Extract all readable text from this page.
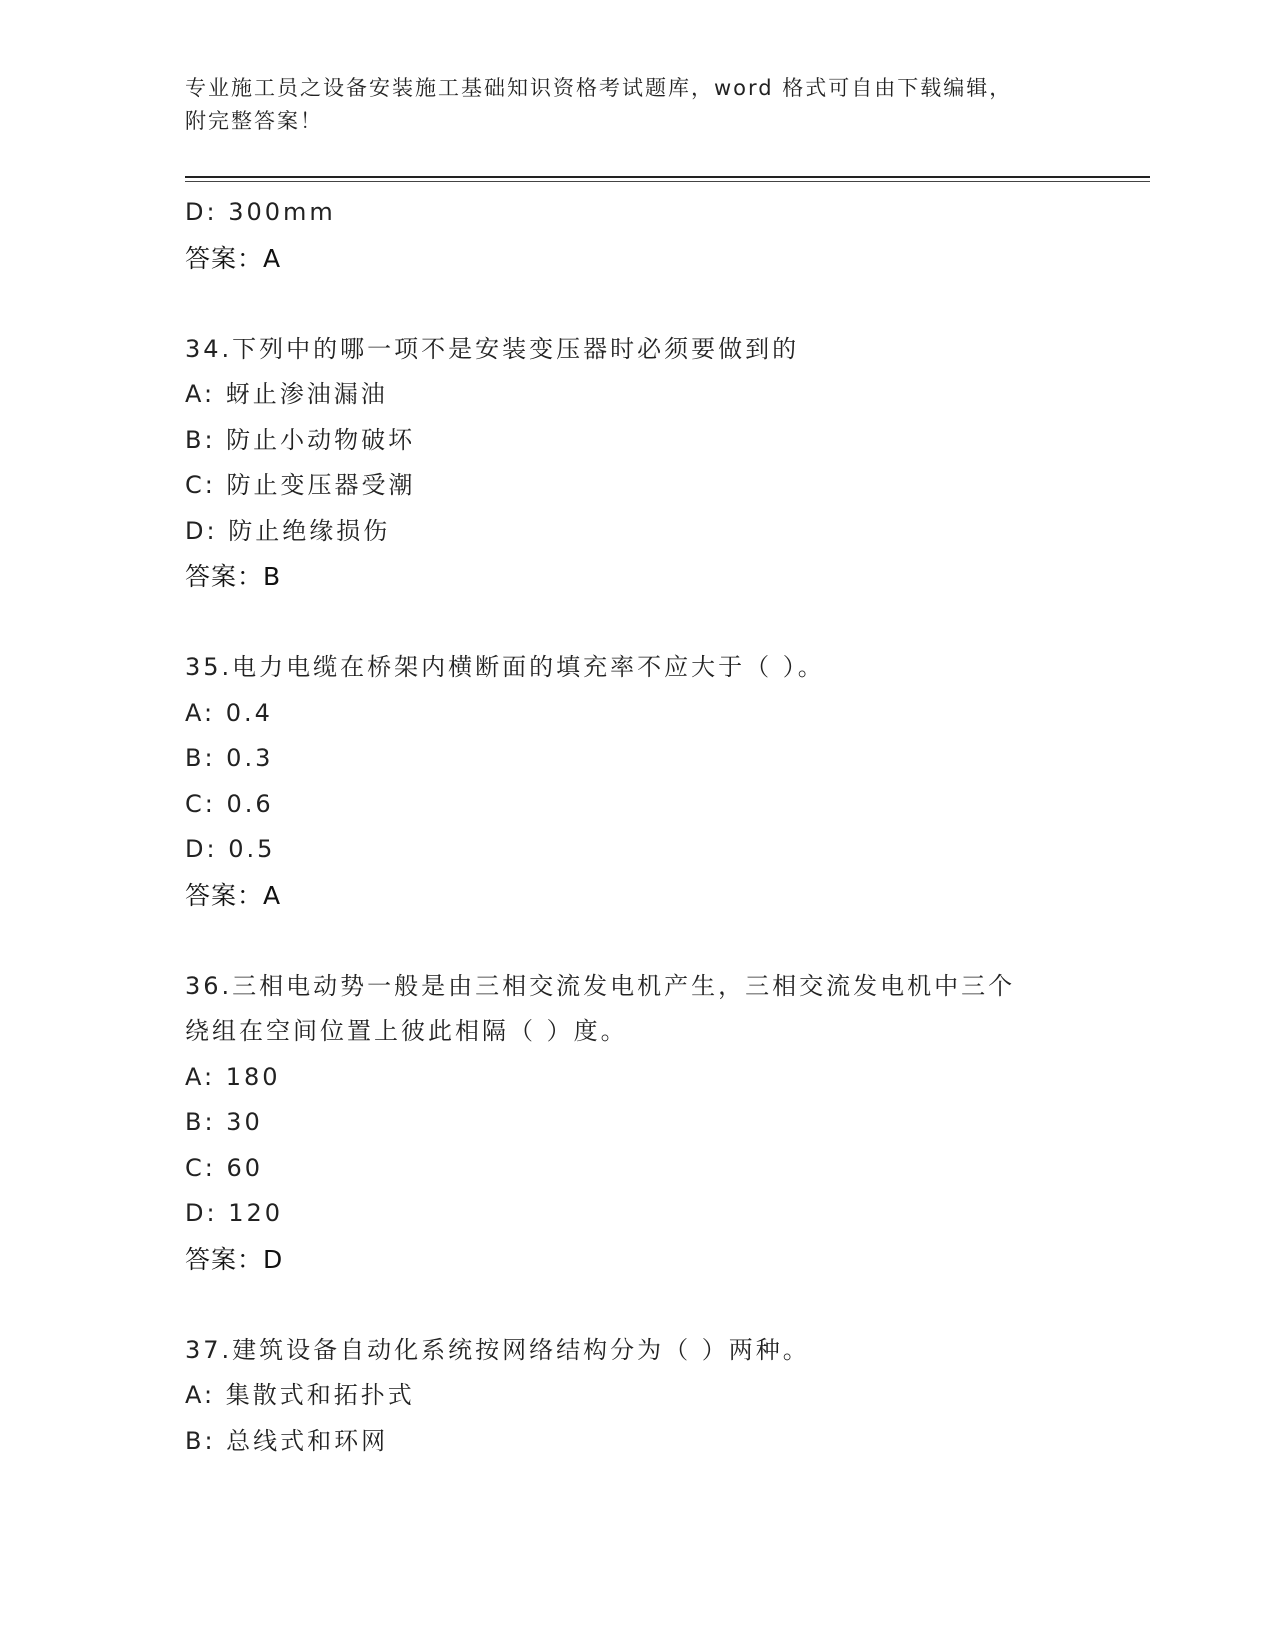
专业施工员之设备安装施工基础知识资格考试题库，word 格式可自由下载编辑，
附完整答案！
D: 300mm
答案：A
34.下列中的哪一项不是安装变压器时必须要做到的
A: 蚜止渗油漏油
B: 防止小动物破坏
C: 防止变压器受潮
D: 防止绝缘损伤
答案：B
35.电力电缆在桥架内横断面的填充率不应大于（ ）。
A: 0.4
B: 0.3
C: 0.6
D: 0.5
答案：A
36.三相电动势一般是由三相交流发电机产生，三相交流发电机中三个
绕组在空间位置上彼此相隔（ ）度。
A: 180
B: 30
C: 60
D: 120
答案：D
37.建筑设备自动化系统按网络结构分为（ ）两种。
A: 集散式和拓扑式
B: 总线式和环网
